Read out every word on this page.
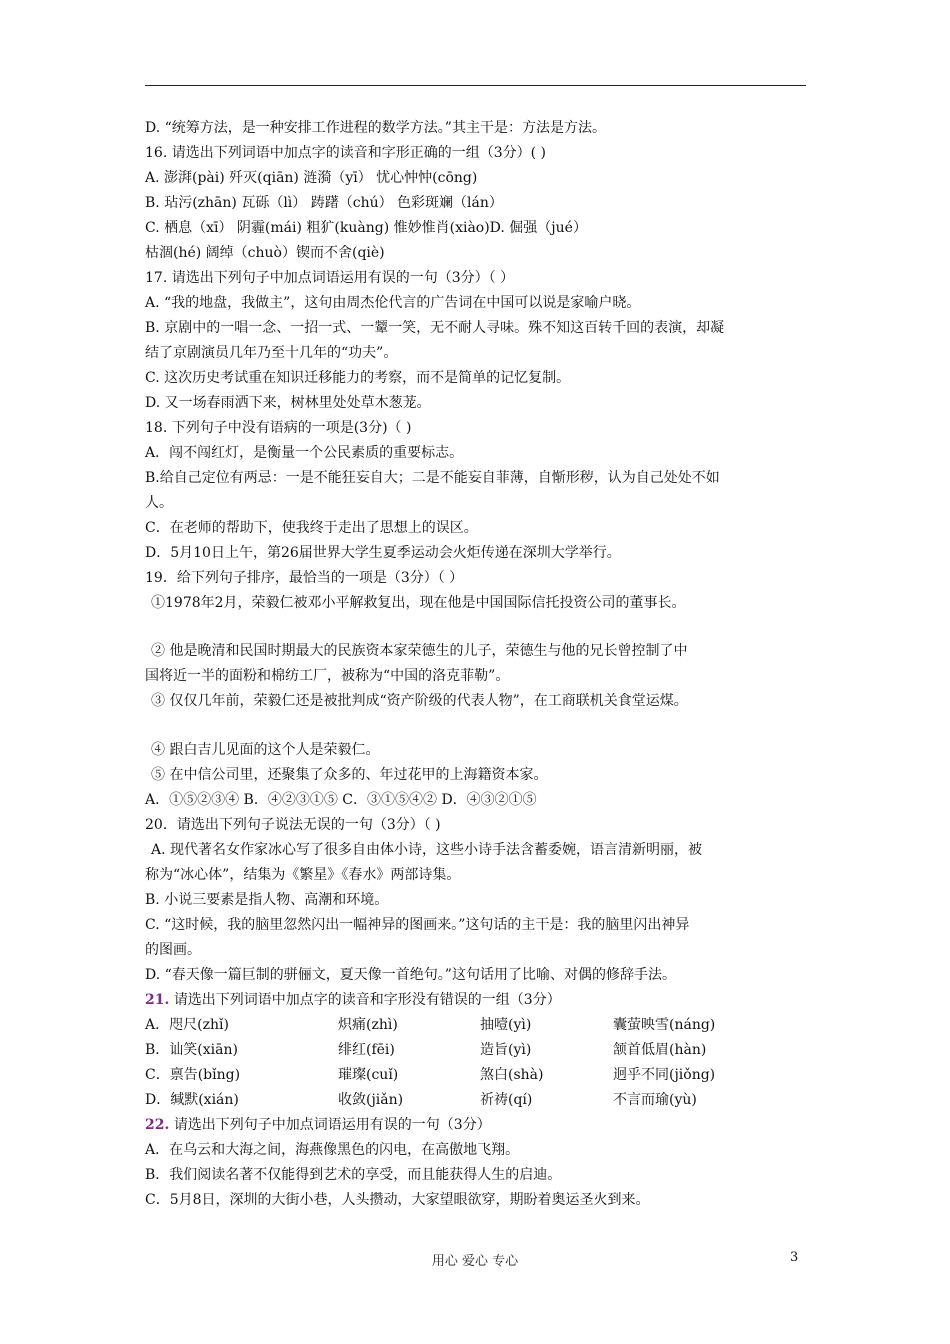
D. “统筹方法，是一种安排工作进程的数学方法。”其主干是：方法是方法。
16. 请选出下列词语中加点字的读音和字形正确的一组（3分）( )
A. 澎湃(pài) 歼灭(qiān) 涟漪（yī） 忧心忡忡(cōng)
B. 玷污(zhān) 瓦砾（lì） 踌躇（chú） 色彩斑斓（lán）
C. 栖息（xī） 阴霾(mái) 粗犷(kuàng) 惟妙惟肖(xiào)D. 倔强（jué）
枯涸(hé) 阔绰（chuò）锲而不舍(qiè)
17. 请选出下列句子中加点词语运用有误的一句（3分）（ ）
A. “我的地盘，我做主”，这句由周杰伦代言的广告词在中国可以说是家喻户晓。
B. 京剧中的一唱一念、一招一式、一颦一笑，无不耐人寻味。殊不知这百转千回的表演，却凝
结了京剧演员几年乃至十几年的“功夫”。
C. 这次历史考试重在知识迁移能力的考察，而不是简单的记忆复制。
D. 又一场春雨洒下来，树林里处处草木葱茏。
18. 下列句子中没有语病的一项是(3分)（ )
A．闯不闯红灯，是衡量一个公民素质的重要标志。
B.给自己定位有两忌：一是不能狂妄自大；二是不能妄自菲薄，自惭形秽，认为自己处处不如
人。
C．在老师的帮助下，使我终于走出了思想上的误区。
D．5月10日上午，第26届世界大学生夏季运动会火炬传递在深圳大学举行。
19．给下列句子排序，最恰当的一项是（3分）（ ）
①1978年2月，荣毅仁被邓小平解救复出，现在他是中国国际信托投资公司的董事长。
② 他是晚清和民国时期最大的民族资本家荣德生的儿子，荣德生与他的兄长曾控制了中
国将近一半的面粉和棉纺工厂，被称为“中国的洛克菲勒”。
③ 仅仅几年前，荣毅仁还是被批判成“资产阶级的代表人物”，在工商联机关食堂运煤。
④ 跟白吉儿见面的这个人是荣毅仁。
⑤ 在中信公司里，还聚集了众多的、年过花甲的上海籍资本家。
A．①⑤②③④ B．④②③①⑤ C．③①⑤④② D．④③②①⑤
20．请选出下列句子说法无误的一句（3分）（ )
A. 现代著名女作家冰心写了很多自由体小诗，这些小诗手法含蓄委婉，语言清新明丽，被
称为“冰心体”，结集为《繁星》《春水》两部诗集。
B. 小说三要素是指人物、高潮和环境。
C. “这时候，我的脑里忽然闪出一幅神异的图画来。”这句话的主干是：我的脑里闪出神异
的图画。
D. “春天像一篇巨制的骈俪文，夏天像一首绝句。”这句话用了比喻、对偶的修辞手法。
21. 请选出下列词语中加点字的读音和字形没有错误的一组（3分）
A．咫尺(zhǐ)	炽痛(zhì)	抽噎(yì)	囊萤映雪(náng)
B．讪笑(xiān)	绯红(fēi)	造旨(yì)	颔首低眉(hàn)
C．禀告(bǐng)	璀璨(cuǐ)	煞白(shà)	迥乎不同(jiǒng)
D．缄默(xián)	收敛(jiǎn)	祈祷(qí)	不言而瑜(yù)
22. 请选出下列句子中加点词语运用有误的一句（3分）
A．在乌云和大海之间，海燕像黑色的闪电，在高傲地飞翔。
B．我们阅读名著不仅能得到艺术的享受，而且能获得人生的启迪。
C．5月8日，深圳的大街小巷，人头攒动，大家望眼欲穿，期盼着奥运圣火到来。
用心 爱心 专心	3
